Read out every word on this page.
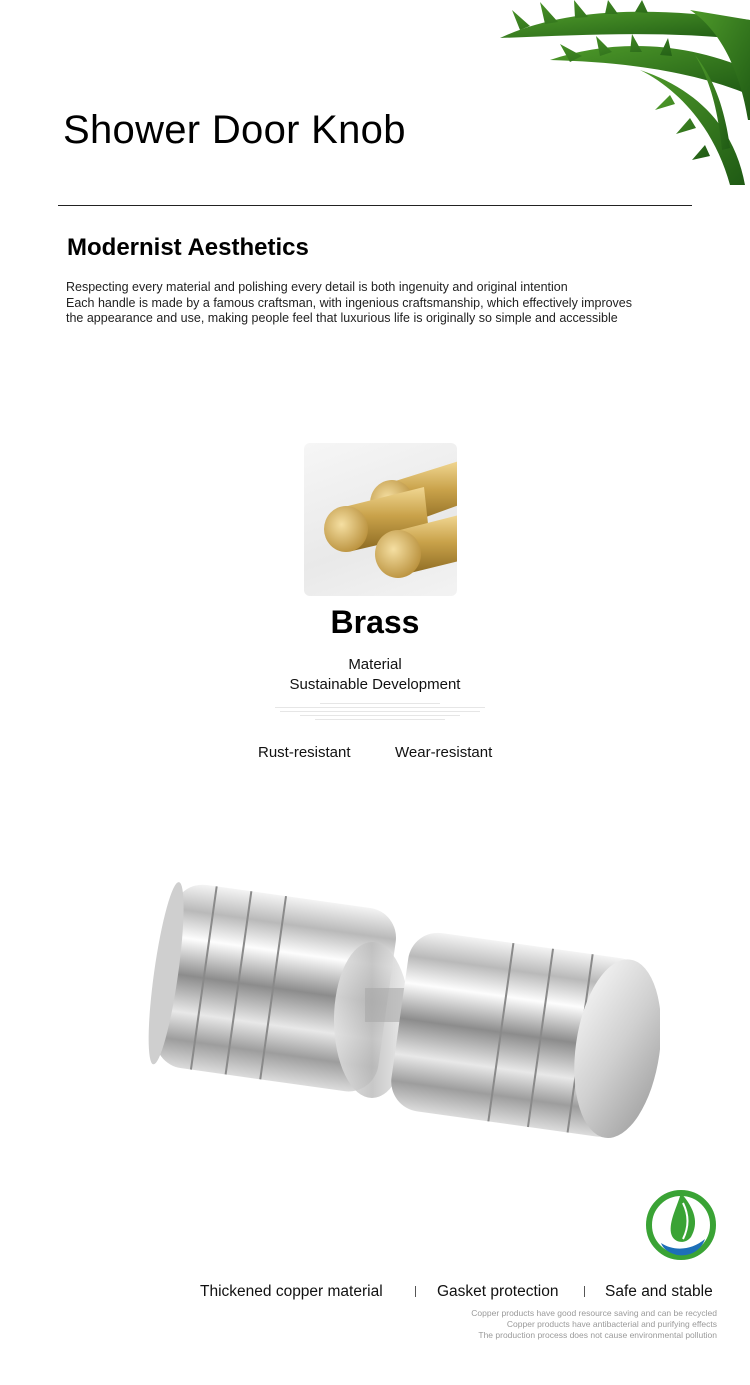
Shower Door Knob
Modernist Aesthetics

Respecting every material and polishing every detail is both ingenuity and original intention

Each handle is made by a famous craftsman, with ingenious craftsmanship, which effectively improves

the appearance and use, making people feel that luxurious life is originally so simple and accessible

Brass
Material
Sustainable Development
Rust-resistant	Wear-resistant
Thickened copper material	Gasket protection	Safe and stable
Copper products have good resource saving and can be recycled
Copper products have antibacterial and purifying effects
The production process does not cause environmental pollution
